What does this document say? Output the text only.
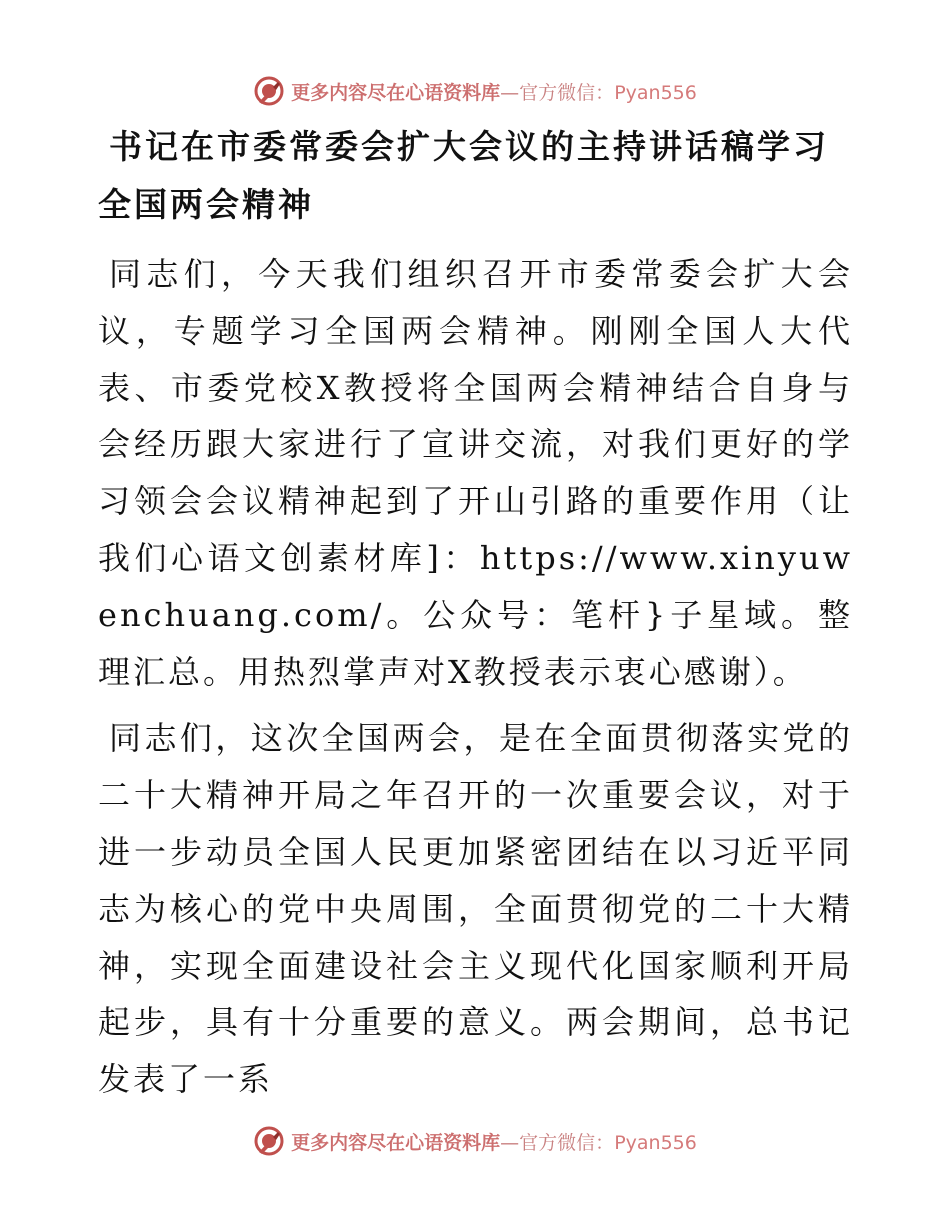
更多内容尽在心语资料库—官方微信：Pyan556
书记在市委常委会扩大会议的主持讲话稿学习全国两会精神

同志们，今天我们组织召开市委常委会扩大会议，专题学习全国两会精神。刚刚全国人大代表、市委党校X教授将全国两会精神结合自身与会经历跟大家进行了宣讲交流，对我们更好的学习领会会议精神起到了开山引路的重要作用（让我们心语文创素材库]：https://www.xinyuwenchuang.com/。公众号：笔杆}子星域。整理汇总。用热烈掌声对X教授表示衷心感谢）。

同志们，这次全国两会，是在全面贯彻落实党的二十大精神开局之年召开的一次重要会议，对于进一步动员全国人民更加紧密团结在以习近平同志为核心的党中央周围，全面贯彻党的二十大精神，实现全面建设社会主义现代化国家顺利开局起步，具有十分重要的意义。两会期间，总书记发表了一系

更多内容尽在心语资料库—官方微信：Pyan556
